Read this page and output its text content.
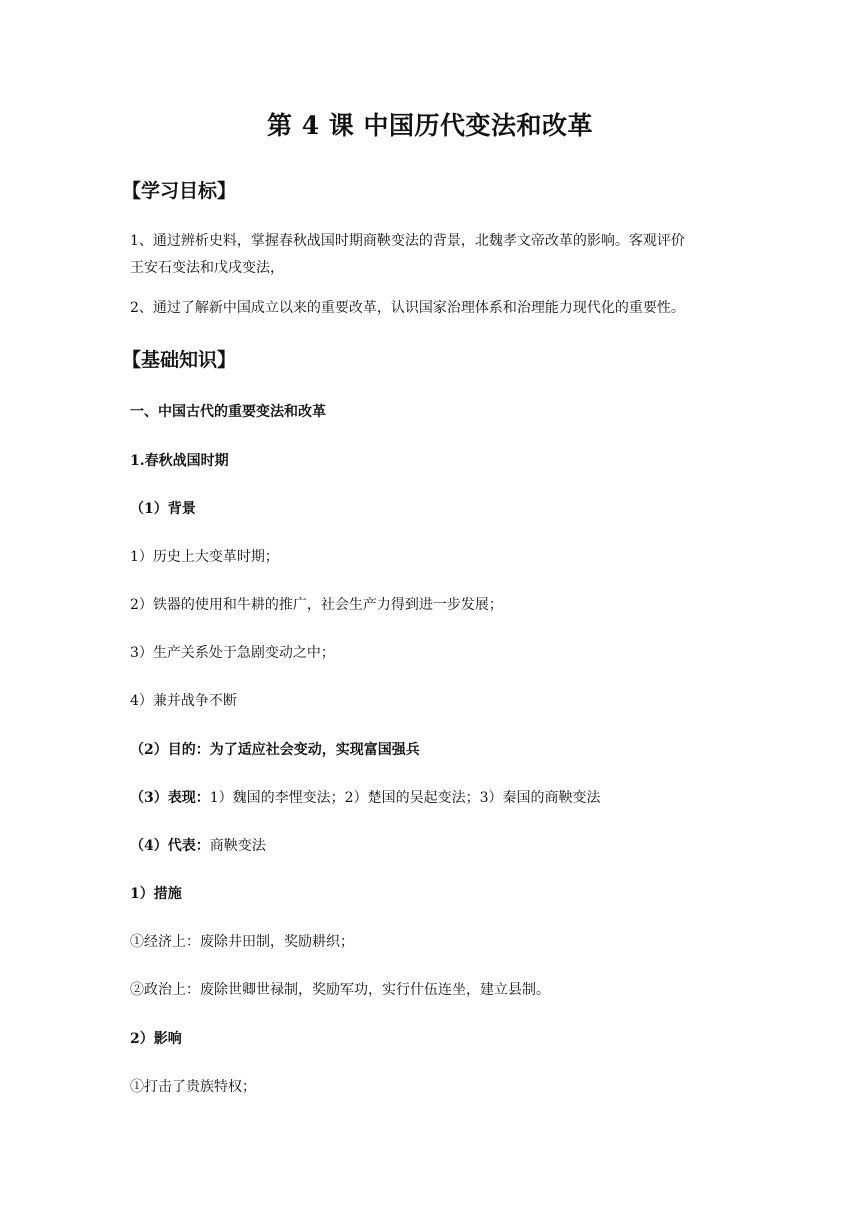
第 4 课 中国历代变法和改革
【学习目标】
1、通过辨析史料，掌握春秋战国时期商鞅变法的背景，北魏孝文帝改革的影响。客观评价
王安石变法和戊戌变法，
2、通过了解新中国成立以来的重要改革，认识国家治理体系和治理能力现代化的重要性。
【基础知识】
一、中国古代的重要变法和改革
1.春秋战国时期
（1）背景
1）历史上大变革时期；
2）铁器的使用和牛耕的推广，社会生产力得到进一步发展；
3）生产关系处于急剧变动之中；
4）兼并战争不断
（2）目的：为了适应社会变动，实现富国强兵
（3）表现：1）魏国的李悝变法；2）楚国的吴起变法；3）秦国的商鞅变法
（4）代表：商鞅变法
1）措施
①经济上：废除井田制，奖励耕织；
②政治上：废除世卿世禄制，奖励军功，实行什伍连坐，建立县制。
2）影响
①打击了贵族特权；
